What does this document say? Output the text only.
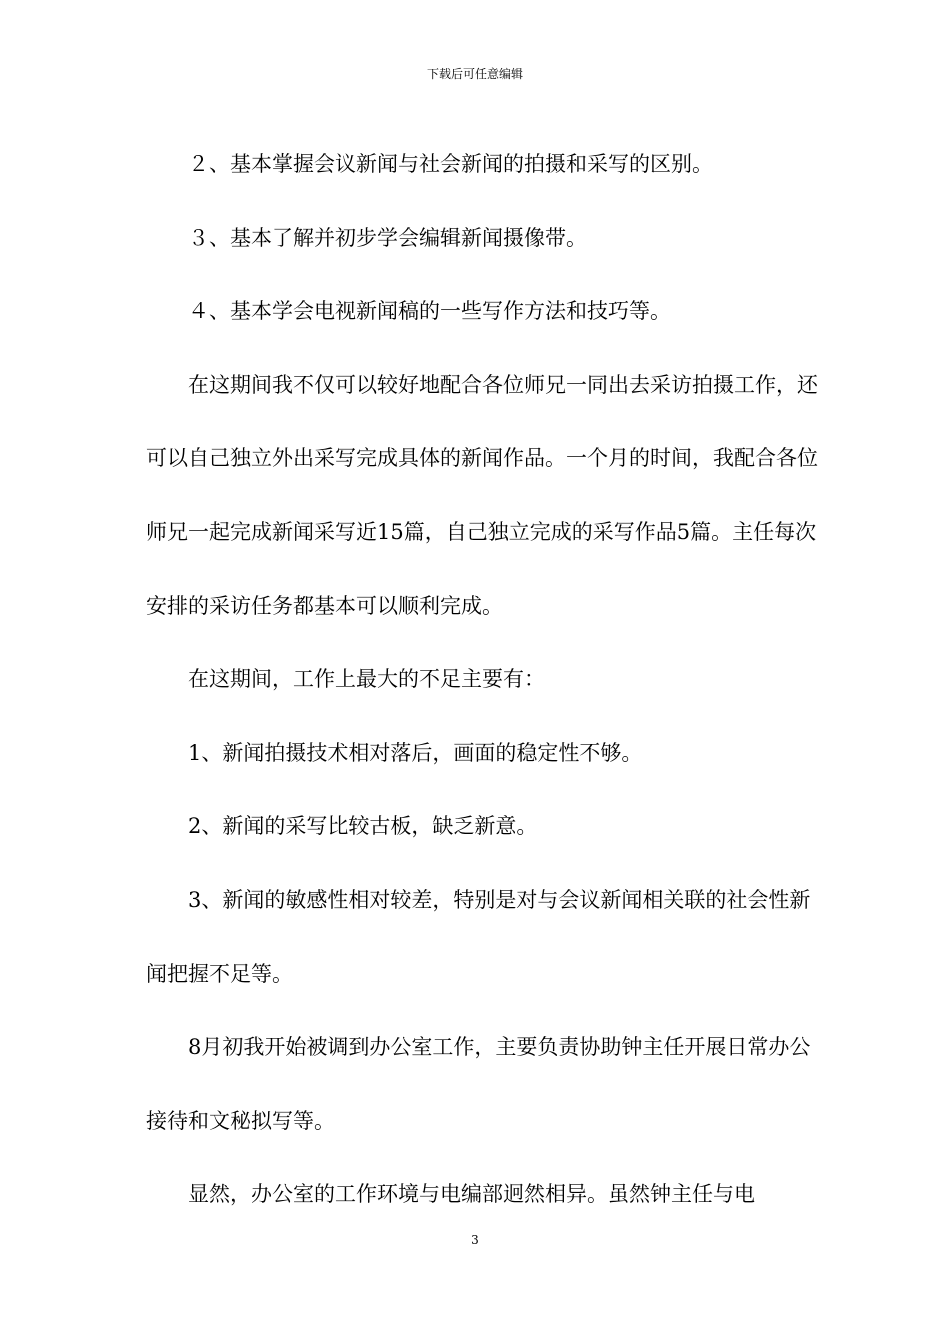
下载后可任意编辑

２、基本掌握会议新闻与社会新闻的拍摄和采写的区别。

３、基本了解并初步学会编辑新闻摄像带。

４、基本学会电视新闻稿的一些写作方法和技巧等。

在这期间我不仅可以较好地配合各位师兄一同出去采访拍摄工作，还可以自己独立外出采写完成具体的新闻作品。一个月的时间，我配合各位师兄一起完成新闻采写近15篇，自己独立完成的采写作品5篇。主任每次安排的采访任务都基本可以顺利完成。

在这期间，工作上最大的不足主要有：

1、新闻拍摄技术相对落后，画面的稳定性不够。

2、新闻的采写比较古板，缺乏新意。

3、新闻的敏感性相对较差，特别是对与会议新闻相关联的社会性新闻把握不足等。

8月初我开始被调到办公室工作，主要负责协助钟主任开展日常办公接待和文秘拟写等。

显然，办公室的工作环境与电编部迥然相异。虽然钟主任与电

3
